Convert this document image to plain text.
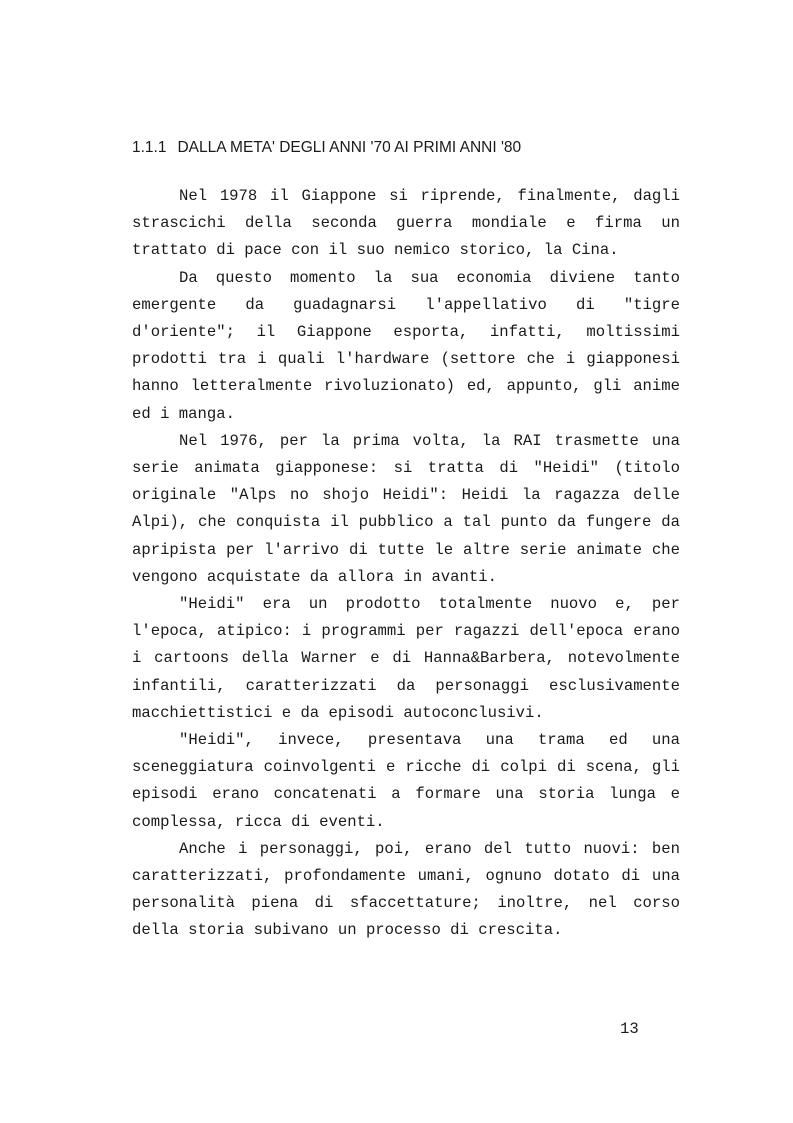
1.1.1 DALLA META' DEGLI ANNI '70 AI PRIMI ANNI '80

Nel 1978 il Giappone si riprende, finalmente, dagli strascichi della seconda guerra mondiale e firma un trattato di pace con il suo nemico storico, la Cina.

Da questo momento la sua economia diviene tanto emergente da guadagnarsi l'appellativo di "tigre d'oriente"; il Giappone esporta, infatti, moltissimi prodotti tra i quali l'hardware (settore che i giapponesi hanno letteralmente rivoluzionato) ed, appunto, gli anime ed i manga.

Nel 1976, per la prima volta, la RAI trasmette una serie animata giapponese: si tratta di "Heidi" (titolo originale "Alps no shojo Heidi": Heidi la ragazza delle Alpi), che conquista il pubblico a tal punto da fungere da apripista per l'arrivo di tutte le altre serie animate che vengono acquistate da allora in avanti.

"Heidi" era un prodotto totalmente nuovo e, per l'epoca, atipico: i programmi per ragazzi dell'epoca erano i cartoons della Warner e di Hanna&Barbera, notevolmente infantili, caratterizzati da personaggi esclusivamente macchiettistici e da episodi autoconclusivi.

"Heidi", invece, presentava una trama ed una sceneggiatura coinvolgenti e ricche di colpi di scena, gli episodi erano concatenati a formare una storia lunga e complessa, ricca di eventi.

Anche i personaggi, poi, erano del tutto nuovi: ben caratterizzati, profondamente umani, ognuno dotato di una personalità piena di sfaccettature; inoltre, nel corso della storia subivano un processo di crescita.

13
